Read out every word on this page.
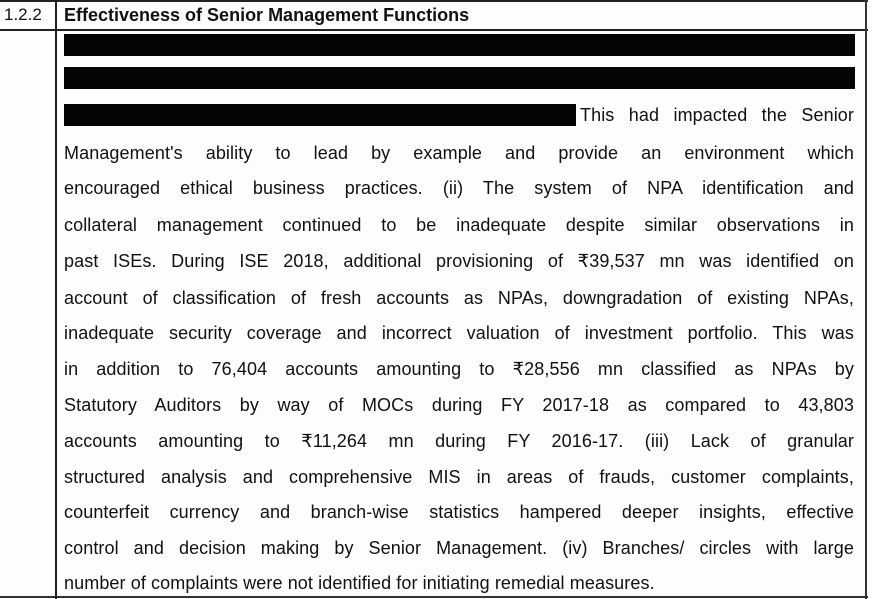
1.2.2 Effectiveness of Senior Management Functions
This had impacted the Senior
Management's ability to lead by example and provide an environment which
encouraged ethical business practices. (ii) The system of NPA identification and
collateral management continued to be inadequate despite similar observations in
past ISEs. During ISE 2018, additional provisioning of ₹39,537 mn was identified on
account of classification of fresh accounts as NPAs, downgradation of existing NPAs,
inadequate security coverage and incorrect valuation of investment portfolio. This was
in addition to 76,404 accounts amounting to ₹28,556 mn classified as NPAs by
Statutory Auditors by way of MOCs during FY 2017-18 as compared to 43,803
accounts amounting to ₹11,264 mn during FY 2016-17. (iii) Lack of granular
structured analysis and comprehensive MIS in areas of frauds, customer complaints,
counterfeit currency and branch-wise statistics hampered deeper insights, effective
control and decision making by Senior Management. (iv) Branches/ circles with large
number of complaints were not identified for initiating remedial measures.
